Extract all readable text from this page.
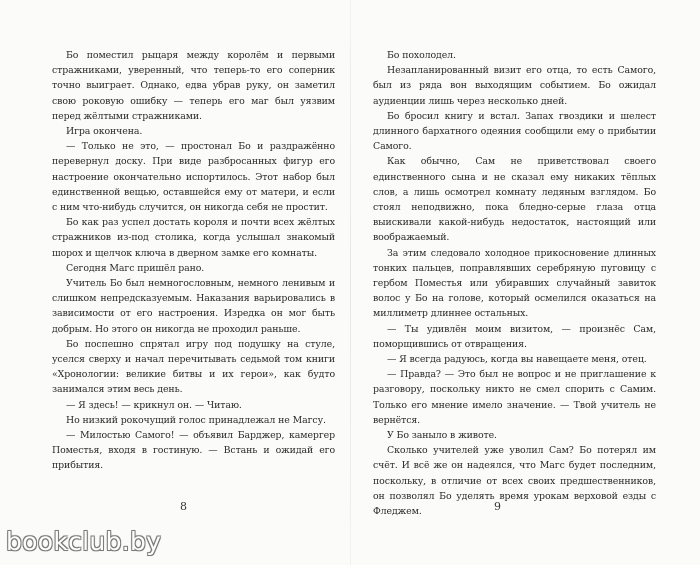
Бо поместил рыцаря между королём и первыми стражниками, уверенный, что теперь-то его соперник точно выиграет. Однако, едва убрав руку, он заметил свою роковую ошибку — теперь его маг был уязвим перед жёлтыми стражниками.

Игра окончена.

— Только не это, — простонал Бо и раздражённо перевернул доску. При виде разбросанных фигур его настроение окончательно испортилось. Этот набор был единственной вещью, оставшейся ему от матери, и если с ним что-нибудь случится, он никогда себя не простит.

Бо как раз успел достать короля и почти всех жёлтых стражников из-под столика, когда услышал знакомый шорох и щелчок ключа в дверном замке его комнаты.

Сегодня Магс пришёл рано.

Учитель Бо был немногословным, немного ленивым и слишком непредсказуемым. Наказания варьировались в зависимости от его настроения. Изредка он мог быть добрым. Но этого он никогда не проходил раньше.

Бо поспешно спрятал игру под подушку на стуле, уселся сверху и начал перечитывать седьмой том книги «Хронологии: великие битвы и их герои», как будто занимался этим весь день.

— Я здесь! — крикнул он. — Читаю.

Но низкий рокочущий голос принадлежал не Магсу.

— Милостью Самого! — объявил Барджер, камергер Поместья, входя в гостиную. — Встань и ожидай его прибытия.

Бо похолодел.

Незапланированный визит его отца, то есть Самого, был из ряда вон выходящим событием. Бо ожидал аудиенции лишь через несколько дней.

Бо бросил книгу и встал. Запах гвоздики и шелест длинного бархатного одеяния сообщили ему о прибытии Самого.

Как обычно, Сам не приветствовал своего единственного сына и не сказал ему никаких тёплых слов, а лишь осмотрел комнату ледяным взглядом. Бо стоял неподвижно, пока бледно-серые глаза отца выискивали какой-нибудь недостаток, настоящий или воображаемый.

За этим следовало холодное прикосновение длинных тонких пальцев, поправлявших серебряную пуговицу с гербом Поместья или убиравших случайный завиток волос у Бо на голове, который осмелился оказаться на миллиметр длиннее остальных.

— Ты удивлён моим визитом, — произнёс Сам, поморщившись от отвращения.

— Я всегда радуюсь, когда вы навещаете меня, отец.

— Правда? — Это был не вопрос и не приглашение к разговору, поскольку никто не смел спорить с Самим. Только его мнение имело значение. — Твой учитель не вернётся.

У Бо заныло в животе.

Сколько учителей уже уволил Сам? Бо потерял им счёт. И всё же он надеялся, что Магс будет последним, поскольку, в отличие от всех своих предшественников, он позволял Бо уделять время урокам верховой езды с Фледжем.

8	9
bookclub.by
